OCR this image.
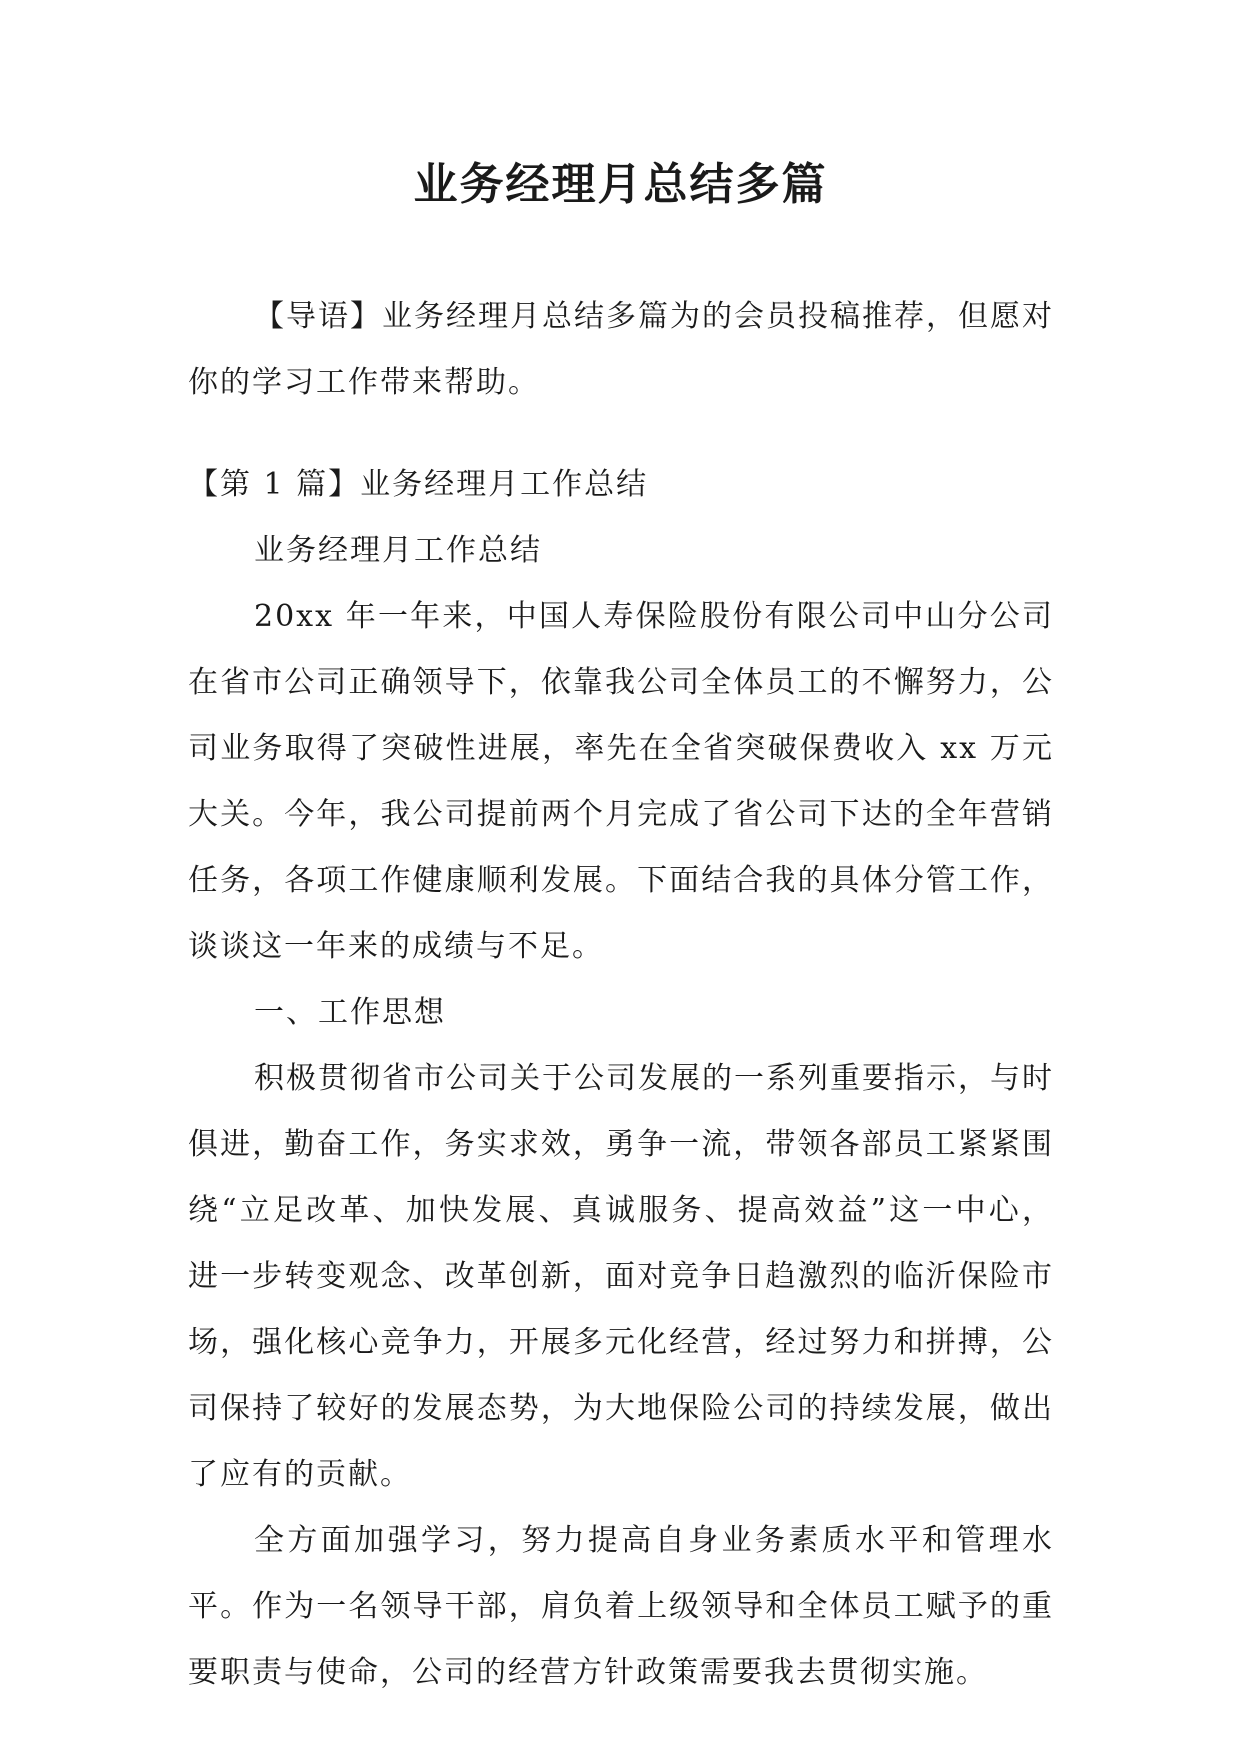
业务经理月总结多篇

【导语】业务经理月总结多篇为的会员投稿推荐，但愿对你的学习工作带来帮助。

【第 1 篇】业务经理月工作总结

业务经理月工作总结

20xx 年一年来，中国人寿保险股份有限公司中山分公司在省市公司正确领导下，依靠我公司全体员工的不懈努力，公司业务取得了突破性进展，率先在全省突破保费收入 xx 万元大关。今年，我公司提前两个月完成了省公司下达的全年营销任务，各项工作健康顺利发展。下面结合我的具体分管工作，谈谈这一年来的成绩与不足。

一、工作思想

积极贯彻省市公司关于公司发展的一系列重要指示，与时俱进，勤奋工作，务实求效，勇争一流，带领各部员工紧紧围绕“立足改革、加快发展、真诚服务、提高效益”这一中心，进一步转变观念、改革创新，面对竞争日趋激烈的临沂保险市场，强化核心竞争力，开展多元化经营，经过努力和拼搏，公司保持了较好的发展态势，为大地保险公司的持续发展，做出了应有的贡献。

全方面加强学习，努力提高自身业务素质水平和管理水平。作为一名领导干部，肩负着上级领导和全体员工赋予的重要职责与使命，公司的经营方针政策需要我去贯彻实施。
